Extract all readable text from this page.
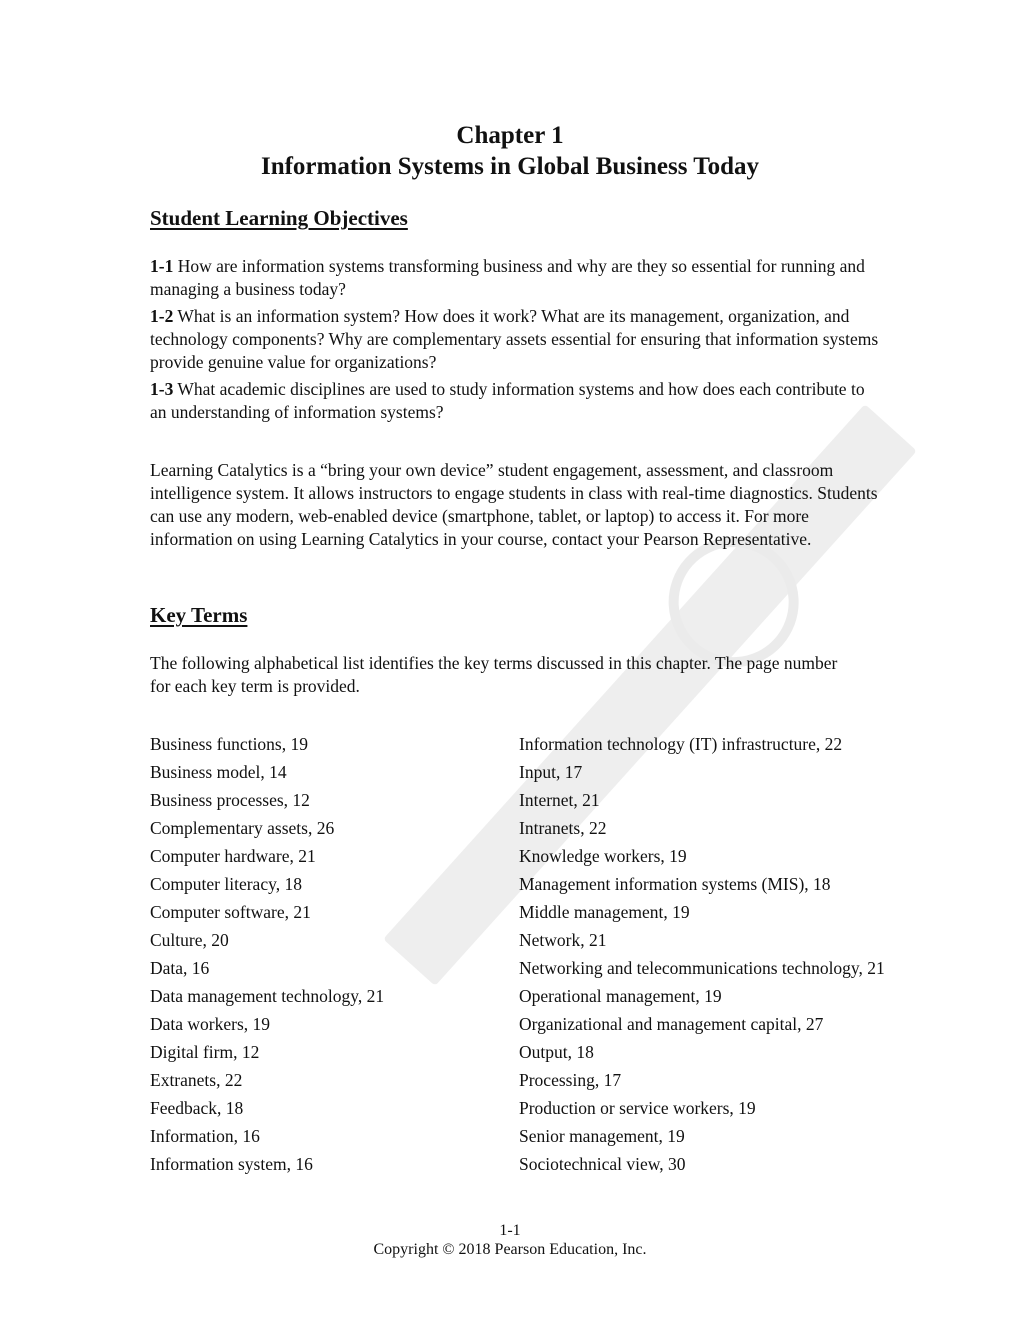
Chapter 1
Information Systems in Global Business Today
Student Learning Objectives

1-1 How are information systems transforming business and why are they so essential for running and managing a business today?

1-2 What is an information system? How does it work? What are its management, organization, and technology components? Why are complementary assets essential for ensuring that information systems provide genuine value for organizations?

1-3 What academic disciplines are used to study information systems and how does each contribute to an understanding of information systems?

Learning Catalytics is a “bring your own device” student engagement, assessment, and classroom intelligence system. It allows instructors to engage students in class with real-time diagnostics. Students can use any modern, web-enabled device (smartphone, tablet, or laptop) to access it. For more information on using Learning Catalytics in your course, contact your Pearson Representative.

Key Terms

The following alphabetical list identifies the key terms discussed in this chapter. The page number for each key term is provided.

Business functions, 19
Business model, 14
Business processes, 12
Complementary assets, 26
Computer hardware, 21
Computer literacy, 18
Computer software, 21
Culture, 20
Data, 16
Data management technology, 21
Data workers, 19
Digital firm, 12
Extranets, 22
Feedback, 18
Information, 16
Information system, 16
Information technology (IT) infrastructure, 22
Input, 17
Internet, 21
Intranets, 22
Knowledge workers, 19
Management information systems (MIS), 18
Middle management, 19
Network, 21
Networking and telecommunications technology, 21
Operational management, 19
Organizational and management capital, 27
Output, 18
Processing, 17
Production or service workers, 19
Senior management, 19
Sociotechnical view, 30
1-1
Copyright © 2018 Pearson Education, Inc.
